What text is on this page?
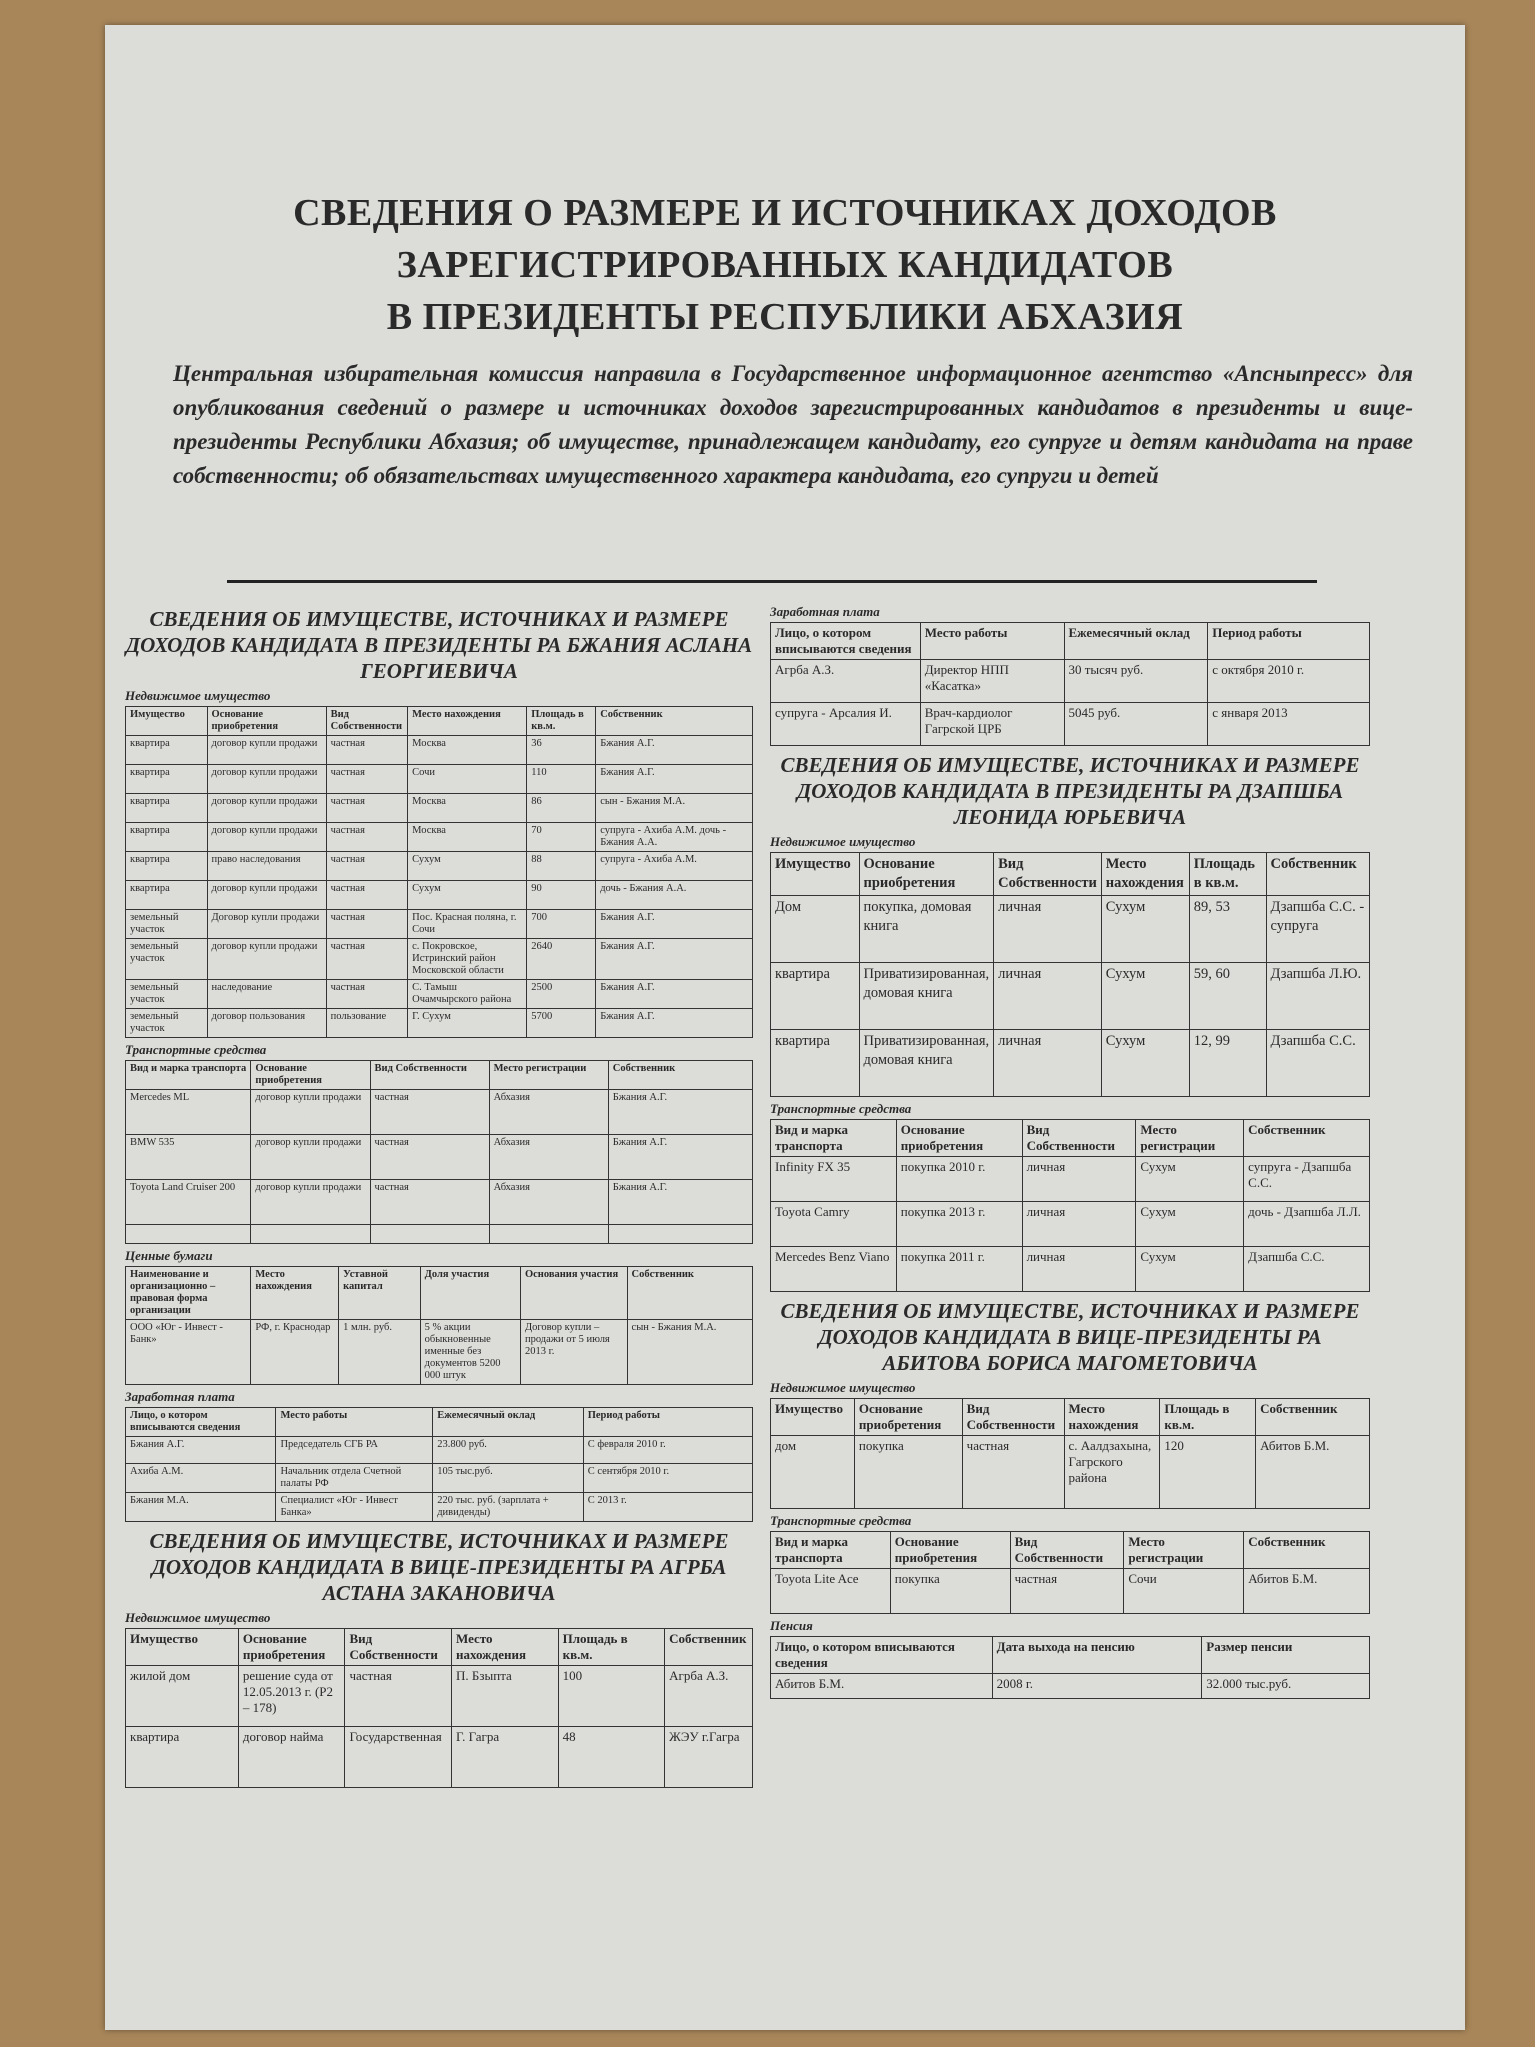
СВЕДЕНИЯ О РАЗМЕРЕ И ИСТОЧНИКАХ ДОХОДОВ
ЗАРЕГИСТРИРОВАННЫХ КАНДИДАТОВ
В ПРЕЗИДЕНТЫ РЕСПУБЛИКИ АБХАЗИЯ
Центральная избирательная комиссия направила в Государственное информационное агентство «Апсныпресс» для опубликования сведений о размере и источниках доходов зарегистрированных кандидатов в президенты и вице-президенты Республики Абхазия; об имуществе, принадлежащем кандидату, его супруге и детям кандидата на праве собственности; об обязательствах имущественного характера кандидата, его супруги и детей
СВЕДЕНИЯ ОБ ИМУЩЕСТВЕ, ИСТОЧНИКАХ И РАЗМЕРЕ ДОХОДОВ КАНДИДАТА В ПРЕЗИДЕНТЫ РА БЖАНИЯ АСЛАНА ГЕОРГИЕВИЧА
Недвижимое имущество
Имущество	Основание приобретения	Вид Собственности	Место нахождения	Площадь в кв.м.	Собственник
квартира	договор купли продажи	частная	Москва	36	Бжания А.Г.
квартира	договор купли продажи	частная	Сочи	110	Бжания А.Г.
квартира	договор купли продажи	частная	Москва	86	сын - Бжания М.А.
квартира	договор купли продажи	частная	Москва	70	супруга - Ахиба А.М. дочь - Бжания А.А.
квартира	право наследования	частная	Сухум	88	супруга - Ахиба А.М.
квартира	договор купли продажи	частная	Сухум	90	дочь - Бжания А.А.
земельный участок	Договор купли продажи	частная	Пос. Красная поляна, г. Сочи	700	Бжания А.Г.
земельный участок	договор купли продажи	частная	с. Покровское, Истринский район Московской области	2640	Бжания А.Г.
земельный участок	наследование	частная	С. Тамыш Очамчырского района	2500	Бжания А.Г.
земельный участок	договор пользования	пользование	Г. Сухум	5700	Бжания А.Г.
Транспортные средства
Вид и марка транспорта	Основание приобретения	Вид Собственности	Место регистрации	Собственник
Mercedes ML	договор купли продажи	частная	Абхазия	Бжания А.Г.
BMW 535	договор купли продажи	частная	Абхазия	Бжания А.Г.
Toyota Land Cruiser 200	договор купли продажи	частная	Абхазия	Бжания А.Г.

Ценные бумаги
Наименование и организационно – правовая форма организации	Место нахождения	Уставной капитал	Доля участия	Основания участия	Собственник
ООО «Юг - Инвест - Банк»	РФ, г. Краснодар	1 млн. руб.	5 % акции обыкновенные именные без документов 5200 000 штук	Договор купли – продажи от 5 июля 2013 г.	сын - Бжания М.А.
Заработная плата
Лицо, о котором вписываются сведения	Место работы	Ежемесячный оклад	Период работы
Бжания А.Г.	Председатель СГБ РА	23.800 руб.	С февраля 2010 г.
Ахиба А.М.	Начальник отдела Счетной палаты РФ	105 тыс.руб.	С сентября 2010 г.
Бжания М.А.	Специалист «Юг - Инвест Банка»	220 тыс. руб. (зарплата + дивиденды)	С 2013 г.
СВЕДЕНИЯ ОБ ИМУЩЕСТВЕ, ИСТОЧНИКАХ И РАЗМЕРЕ ДОХОДОВ КАНДИДАТА В ВИЦЕ-ПРЕЗИДЕНТЫ РА АГРБА АСТАНА ЗАКАНОВИЧА
Недвижимое имущество
Имущество	Основание приобретения	Вид Собственности	Место нахождения	Площадь в кв.м.	Собственник
жилой дом	решение суда от 12.05.2013 г. (Р2 – 178)	частная	П. Бзыпта	100	Агрба А.З.
квартира	договор найма	Государственная	Г. Гагра	48	ЖЭУ г.Гагра
Заработная плата
Лицо, о котором вписываются сведения	Место работы	Ежемесячный оклад	Период работы
Агрба А.З.	Директор НПП «Касатка»	30 тысяч руб.	с октября 2010 г.
супруга - Арсалия И.	Врач-кардиолог Гагрской ЦРБ	5045 руб.	с января 2013
СВЕДЕНИЯ ОБ ИМУЩЕСТВЕ, ИСТОЧНИКАХ И РАЗМЕРЕ ДОХОДОВ КАНДИДАТА В ПРЕЗИДЕНТЫ РА ДЗАПШБА ЛЕОНИДА ЮРЬЕВИЧА
Недвижимое имущество
Имущество	Основание приобретения	Вид Собственности	Место нахождения	Площадь в кв.м.	Собственник
Дом	покупка, домовая книга	личная	Сухум	89, 53	Дзапшба С.С. - супруга
квартира	Приватизированная, домовая книга	личная	Сухум	59, 60	Дзапшба Л.Ю.
квартира	Приватизированная, домовая книга	личная	Сухум	12, 99	Дзапшба С.С.
Транспортные средства
Вид и марка транспорта	Основание приобретения	Вид Собственности	Место регистрации	Собственник
Infinity FX 35	покупка 2010 г.	личная	Сухум	супруга - Дзапшба С.С.
Toyota Camry	покупка 2013 г.	личная	Сухум	дочь - Дзапшба Л.Л.
Mercedes Benz Viano	покупка 2011 г.	личная	Сухум	Дзапшба С.С.
СВЕДЕНИЯ ОБ ИМУЩЕСТВЕ, ИСТОЧНИКАХ И РАЗМЕРЕ ДОХОДОВ КАНДИДАТА В ВИЦЕ-ПРЕЗИДЕНТЫ РА АБИТОВА БОРИСА МАГОМЕТОВИЧА
Недвижимое имущество
Имущество	Основание приобретения	Вид Собственности	Место нахождения	Площадь в кв.м.	Собственник
дом	покупка	частная	с. Аалдзахынa, Гагрского района	120	Абитов Б.М.
Транспортные средства
Вид и марка транспорта	Основание приобретения	Вид Собственности	Место регистрации	Собственник
Toyota Lite Ace	покупка	частная	Сочи	Абитов Б.М.
Пенсия
Лицо, о котором вписываются сведения	Дата выхода на пенсию	Размер пенсии
Абитов Б.М.	2008 г.	32.000 тыс.руб.
